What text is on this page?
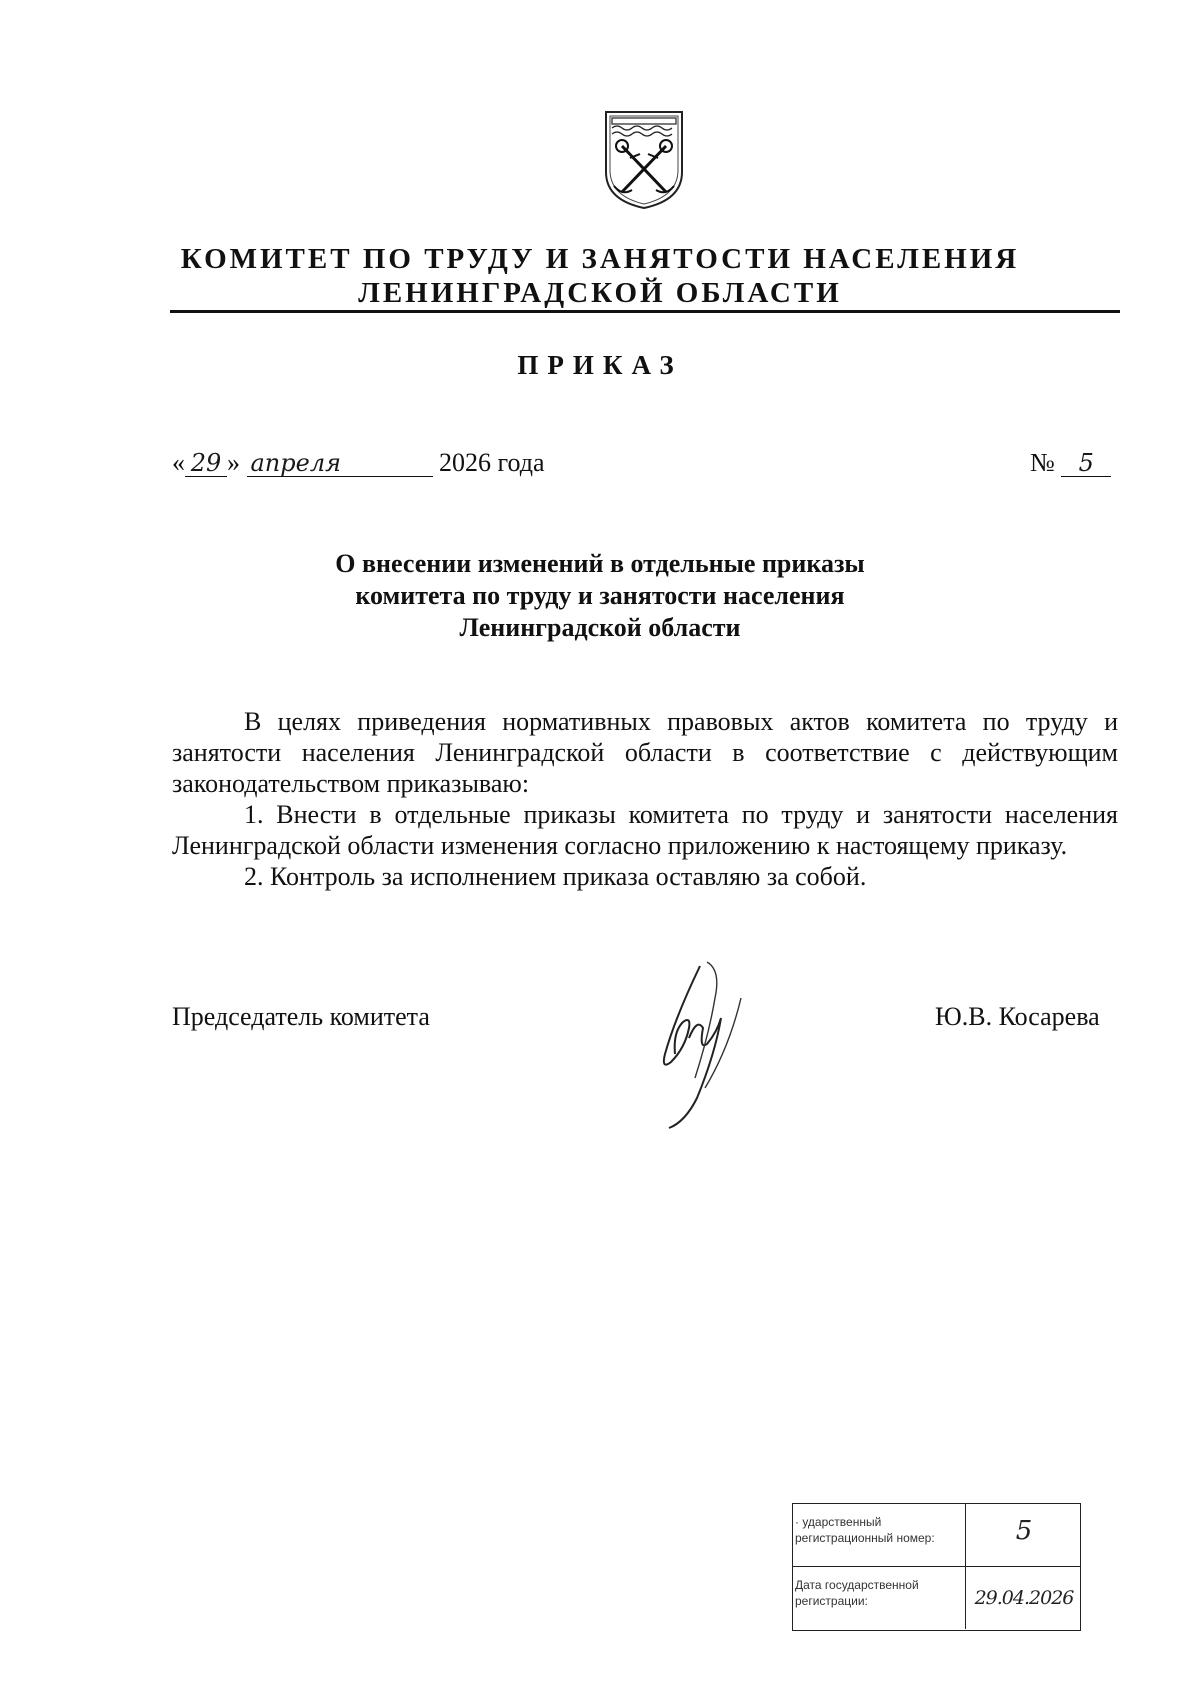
КОМИТЕТ ПО ТРУДУ И ЗАНЯТОСТИ НАСЕЛЕНИЯ
ЛЕНИНГРАДСКОЙ ОБЛАСТИ
ПРИКАЗ
« 29 » апреля	2026 года	№ 5
О внесении изменений в отдельные приказы
комитета по труду и занятости населения
Ленинградской области

В целях приведения нормативных правовых актов комитета по труду и занятости населения Ленинградской области в соответствие с действующим законодательством приказываю:

1. Внести в отдельные приказы комитета по труду и занятости населения Ленинградской области изменения согласно приложению к настоящему приказу.

2. Контроль за исполнением приказа оставляю за собой.

Председатель комитета	Ю.В. Косарева
· ударственный регистрационный номер:	5
Дата государственной регистрации:	29.04.2026
